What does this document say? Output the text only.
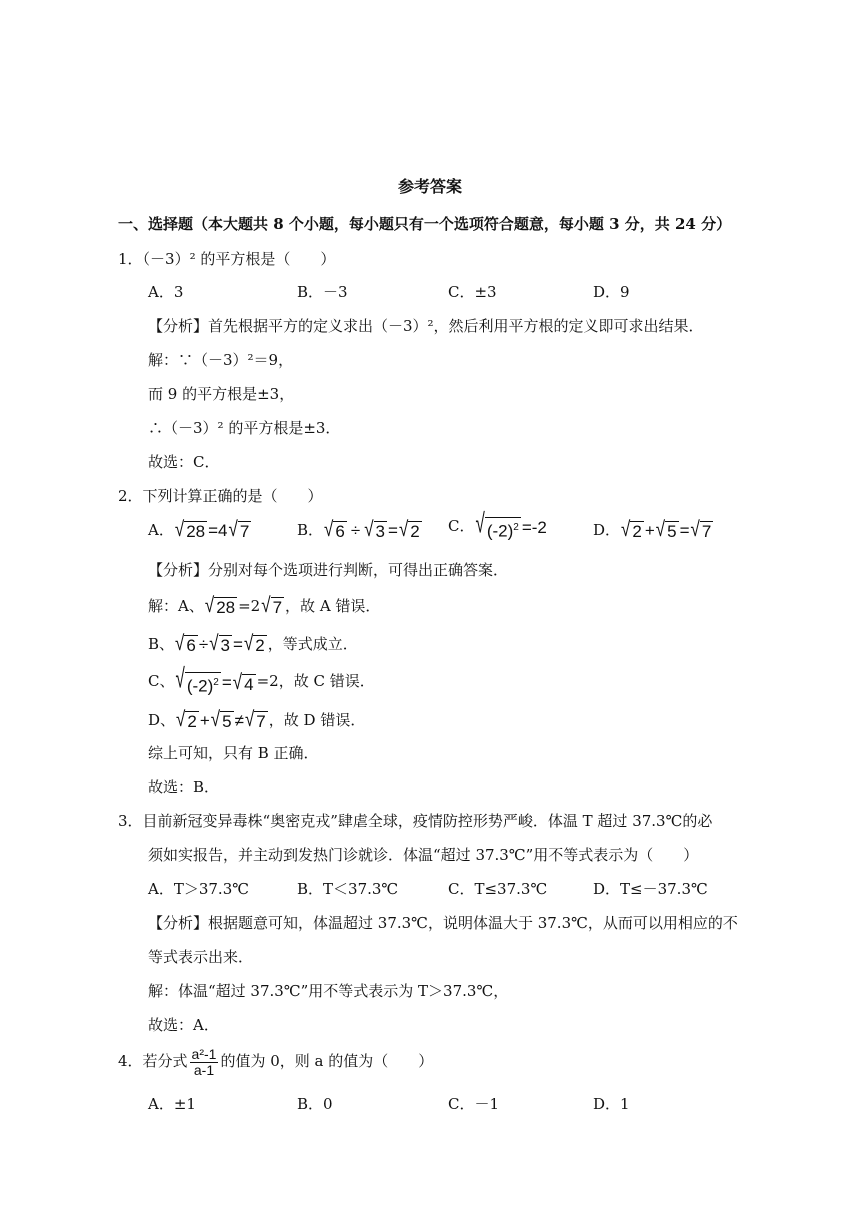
参考答案
一、选择题（本大题共 8 个小题，每小题只有一个选项符合题意，每小题 3 分，共 24 分）
1．（－3）² 的平方根是（　　）
A．3	B．－3	C．±3	D．9
【分析】首先根据平方的定义求出（－3）²，然后利用平方根的定义即可求出结果．
解：∵（－3）²＝9，
而 9 的平方根是±3，
∴（－3）² 的平方根是±3．
故选：C．
2．下列计算正确的是（　　）
A． √ 28 =4 √ 7	B． √ 6 ÷ √ 3 = √ 2 C． √ $(-2)^2 =-2$	D． √ 2 + √ 5 = √ 7
【分析】分别对每个选项进行判断，可得出正确答案．
解：A、 √ 28 =2 √ 7 ，故 A 错误．
B、 √ 6 ÷ √ 3 = √ 2 ，等式成立．
C、 √ $(-2)^2$ = √ 4 =2，故 C 错误．
D、 √ 2 + √ 5 ≠ √ 7 ，故 D 错误．
综上可知，只有 B 正确．
故选：B．
3．目前新冠变异毒株“奥密克戎”肆虐全球，疫情防控形势严峻．体温 T 超过 37.3℃的必
须如实报告，并主动到发热门诊就诊．体温“超过 37.3℃”用不等式表示为（　　）
A．T＞37.3℃	B．T＜37.3℃	C．T≤37.3℃	D．T≤－37.3℃
【分析】根据题意可知，体温超过 37.3℃，说明体温大于 37.3℃，从而可以用相应的不
等式表示出来．
解：体温“超过 37.3℃”用不等式表示为 T＞37.3℃，
故选：A．
4．若分式 $\frac{\text{a²-1}}{a-1}$ 的值为 0，则 a 的值为（　　）
A．±1	B．0	C．－1	D．1
